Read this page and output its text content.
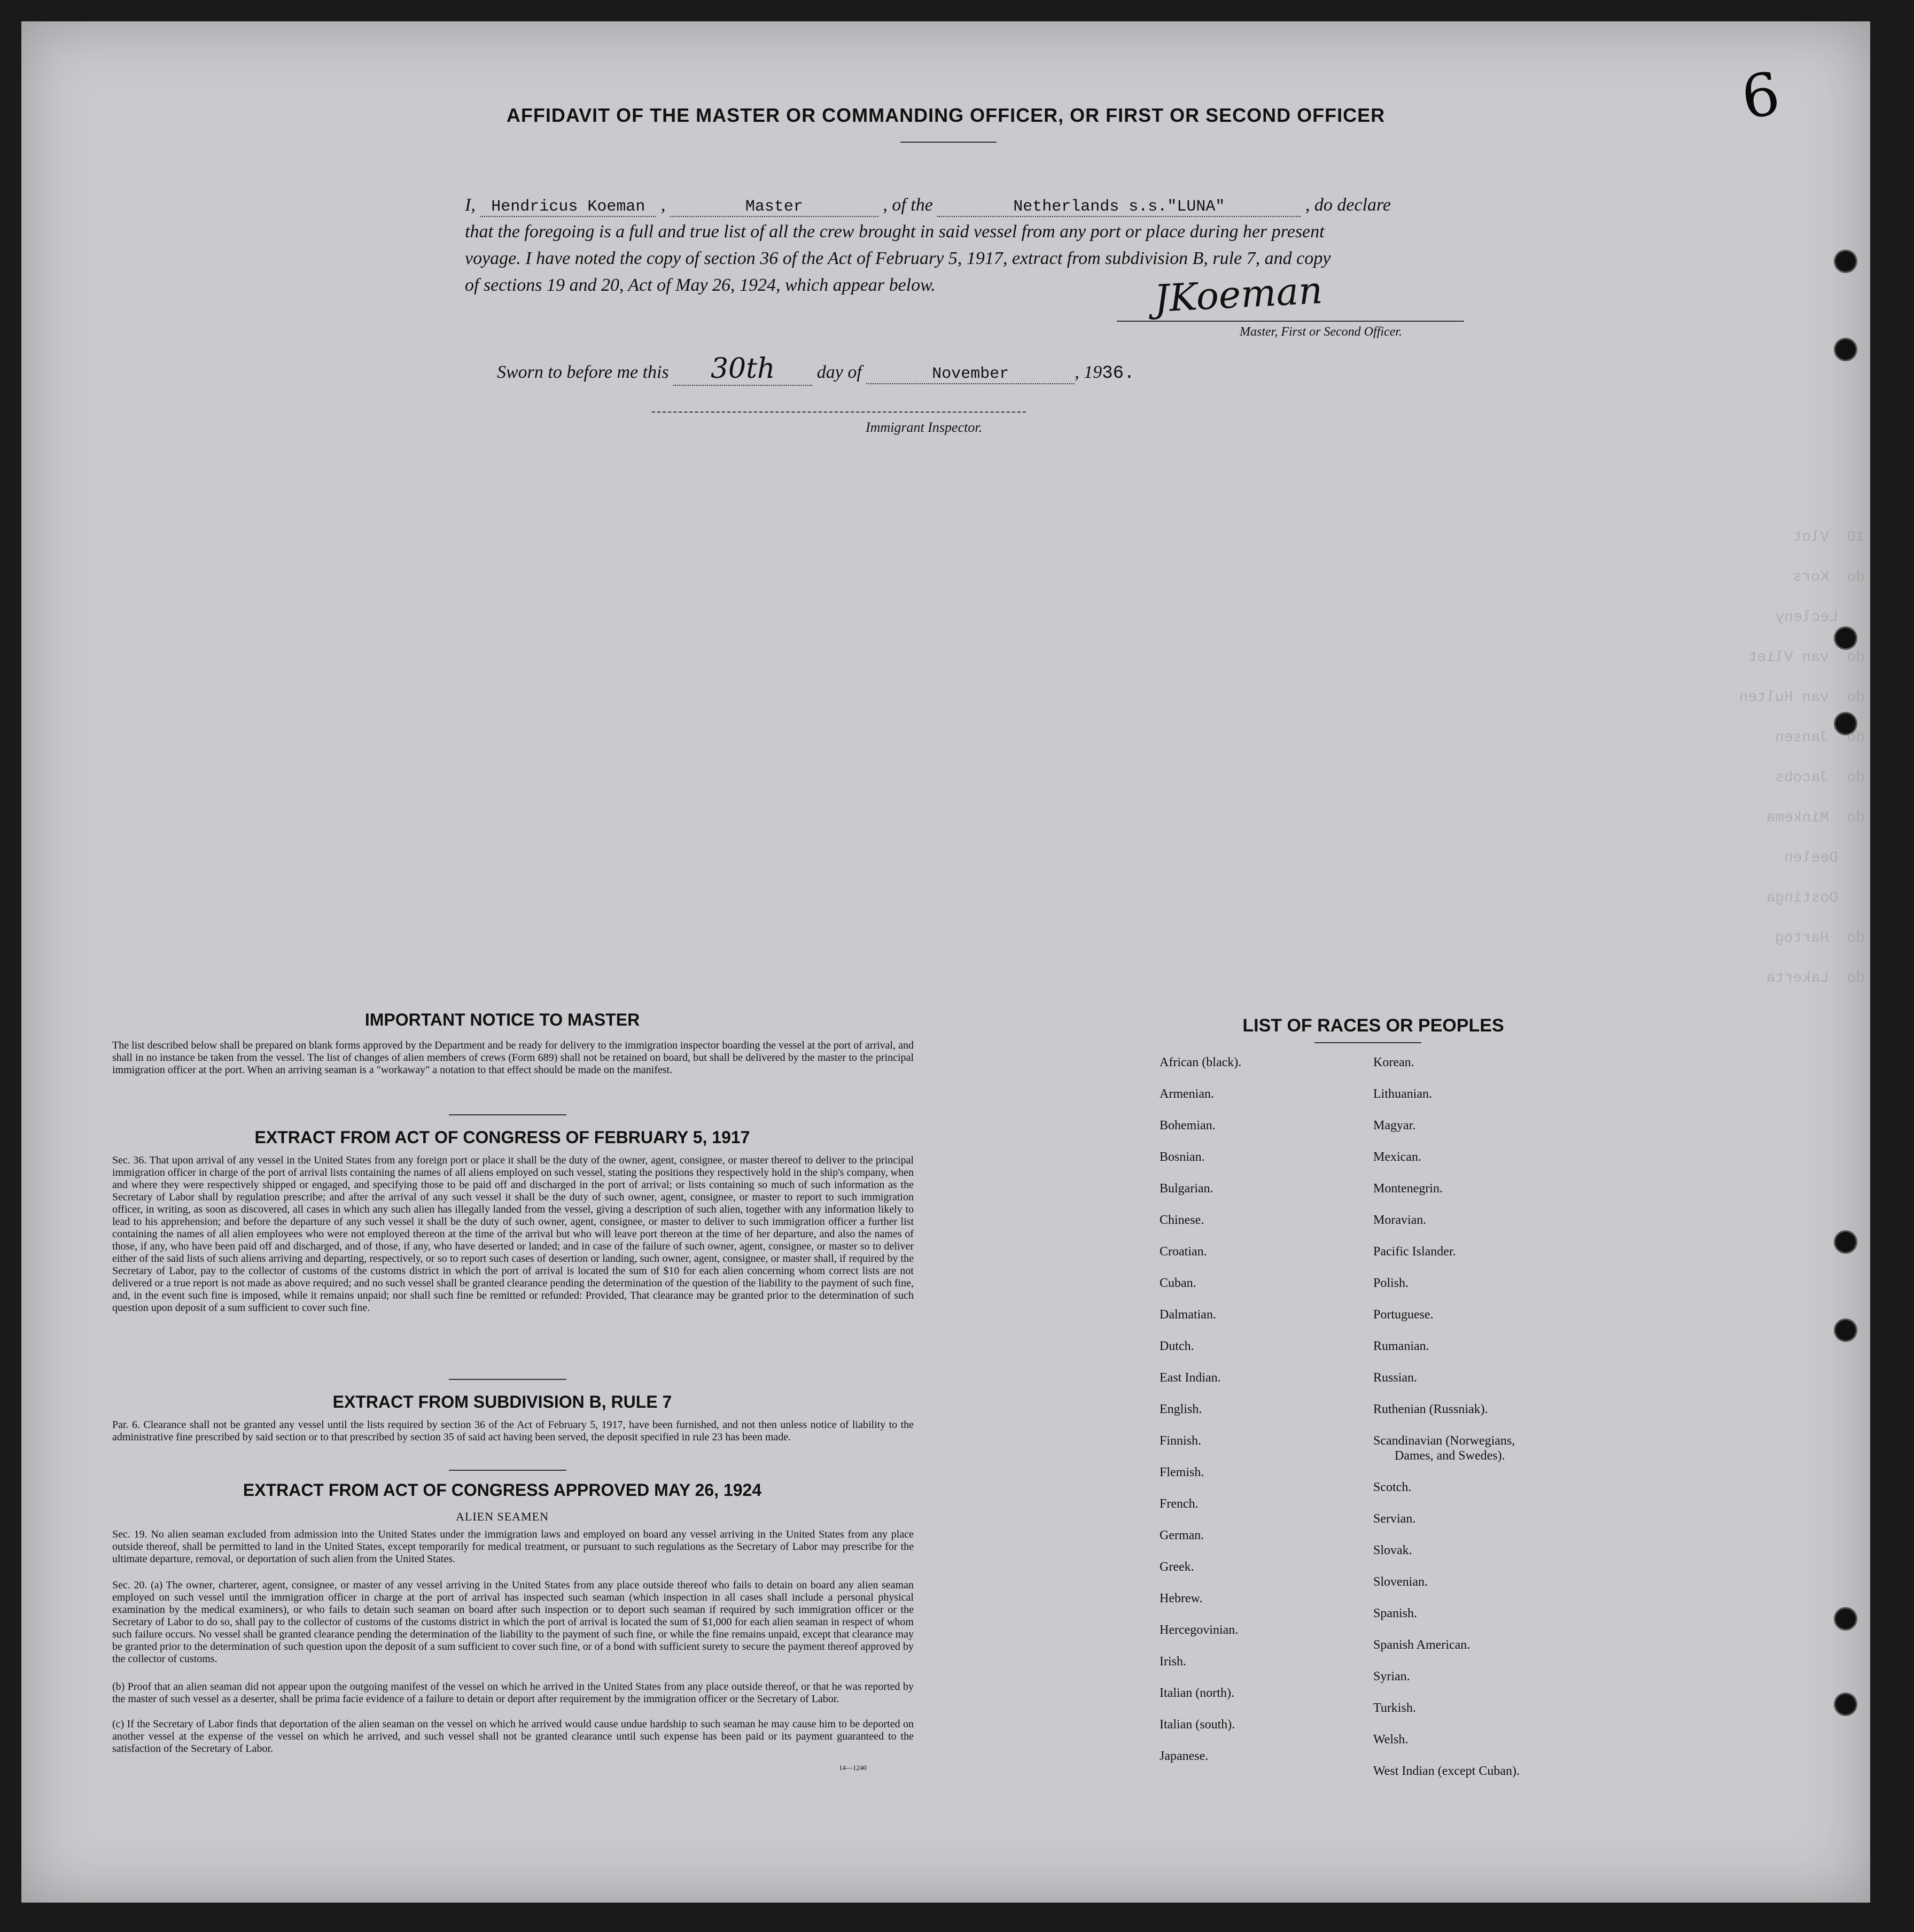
6
AFFIDAVIT OF THE MASTER OR COMMANDING OFFICER, OR FIRST OR SECOND OFFICER
I, Hendricus Koeman ,	Master	, of the	Netherlands s.s."LUNA"	, do declare
that the foregoing is a full and true list of all the crew brought in said vessel from any port or place during her present
voyage. I have noted the copy of section 36 of the Act of February 5, 1917, extract from subdivision B, rule 7, and copy
of sections 19 and 20, Act of May 26, 1924, which appear below.	JKoeman
Master, First or Second Officer.
Sworn to before me this 30th day of	November	, 1936.
Immigrant Inspector.
10  Vlot
do  Kors
Lecleny
do  van Vliet
do  van Hulten
do  Jansen
do  Jacobs
do  Minkema
Deelen
Oostinga
do  Hartog
do  Lakerta
IMPORTANT NOTICE TO MASTER
The list described below shall be prepared on blank forms approved by the Department and be ready for delivery to the immigration inspector boarding the vessel at the port of arrival, and shall in no instance be taken from the vessel. The list of changes of alien members of crews (Form 689) shall not be retained on board, but shall be delivered by the master to the principal immigration officer at the port. When an arriving seaman is a "workaway" a notation to that effect should be made on the manifest.
EXTRACT FROM ACT OF CONGRESS OF FEBRUARY 5, 1917
Sec. 36. That upon arrival of any vessel in the United States from any foreign port or place it shall be the duty of the owner, agent, consignee, or master thereof to deliver to the principal immigration officer in charge of the port of arrival lists containing the names of all aliens employed on such vessel, stating the positions they respectively hold in the ship's company, when and where they were respectively shipped or engaged, and specifying those to be paid off and discharged in the port of arrival; or lists containing so much of such information as the Secretary of Labor shall by regulation prescribe; and after the arrival of any such vessel it shall be the duty of such owner, agent, consignee, or master to report to such immigration officer, in writing, as soon as discovered, all cases in which any such alien has illegally landed from the vessel, giving a description of such alien, together with any information likely to lead to his apprehension; and before the departure of any such vessel it shall be the duty of such owner, agent, consignee, or master to deliver to such immigration officer a further list containing the names of all alien employees who were not employed thereon at the time of the arrival but who will leave port thereon at the time of her departure, and also the names of those, if any, who have been paid off and discharged, and of those, if any, who have deserted or landed; and in case of the failure of such owner, agent, consignee, or master so to deliver either of the said lists of such aliens arriving and departing, respectively, or so to report such cases of desertion or landing, such owner, agent, consignee, or master shall, if required by the Secretary of Labor, pay to the collector of customs of the customs district in which the port of arrival is located the sum of $10 for each alien concerning whom correct lists are not delivered or a true report is not made as above required; and no such vessel shall be granted clearance pending the determination of the question of the liability to the payment of such fine, and, in the event such fine is imposed, while it remains unpaid; nor shall such fine be remitted or refunded: Provided, That clearance may be granted prior to the determination of such question upon deposit of a sum sufficient to cover such fine.
EXTRACT FROM SUBDIVISION B, RULE 7
Par. 6. Clearance shall not be granted any vessel until the lists required by section 36 of the Act of February 5, 1917, have been furnished, and not then unless notice of liability to the administrative fine prescribed by said section or to that prescribed by section 35 of said act having been served, the deposit specified in rule 23 has been made.
EXTRACT FROM ACT OF CONGRESS APPROVED MAY 26, 1924
ALIEN SEAMEN
Sec. 19. No alien seaman excluded from admission into the United States under the immigration laws and employed on board any vessel arriving in the United States from any place outside thereof, shall be permitted to land in the United States, except temporarily for medical treatment, or pursuant to such regulations as the Secretary of Labor may prescribe for the ultimate departure, removal, or deportation of such alien from the United States.
Sec. 20. (a) The owner, charterer, agent, consignee, or master of any vessel arriving in the United States from any place outside thereof who fails to detain on board any alien seaman employed on such vessel until the immigration officer in charge at the port of arrival has inspected such seaman (which inspection in all cases shall include a personal physical examination by the medical examiners), or who fails to detain such seaman on board after such inspection or to deport such seaman if required by such immigration officer or the Secretary of Labor to do so, shall pay to the collector of customs of the customs district in which the port of arrival is located the sum of $1,000 for each alien seaman in respect of whom such failure occurs. No vessel shall be granted clearance pending the determination of the liability to the payment of such fine, or while the fine remains unpaid, except that clearance may be granted prior to the determination of such question upon the deposit of a sum sufficient to cover such fine, or of a bond with sufficient surety to secure the payment thereof approved by the collector of customs.
(b) Proof that an alien seaman did not appear upon the outgoing manifest of the vessel on which he arrived in the United States from any place outside thereof, or that he was reported by the master of such vessel as a deserter, shall be prima facie evidence of a failure to detain or deport after requirement by the immigration officer or the Secretary of Labor.
(c) If the Secretary of Labor finds that deportation of the alien seaman on the vessel on which he arrived would cause undue hardship to such seaman he may cause him to be deported on another vessel at the expense of the vessel on which he arrived, and such vessel shall not be granted clearance until such expense has been paid or its payment guaranteed to the satisfaction of the Secretary of Labor.
14—1240
LIST OF RACES OR PEOPLES
African (black).
Armenian.
Bohemian.
Bosnian.
Bulgarian.
Chinese.
Croatian.
Cuban.
Dalmatian.
Dutch.
East Indian.
English.
Finnish.
Flemish.
French.
German.
Greek.
Hebrew.
Hercegovinian.
Irish.
Italian (north).
Italian (south).
Japanese.
Korean.
Lithuanian.
Magyar.
Mexican.
Montenegrin.
Moravian.
Pacific Islander.
Polish.
Portuguese.
Rumanian.
Russian.
Ruthenian (Russniak).
Scandinavian (Norwegians,
Dames, and Swedes).
Scotch.
Servian.
Slovak.
Slovenian.
Spanish.
Spanish American.
Syrian.
Turkish.
Welsh.
West Indian (except Cuban).
